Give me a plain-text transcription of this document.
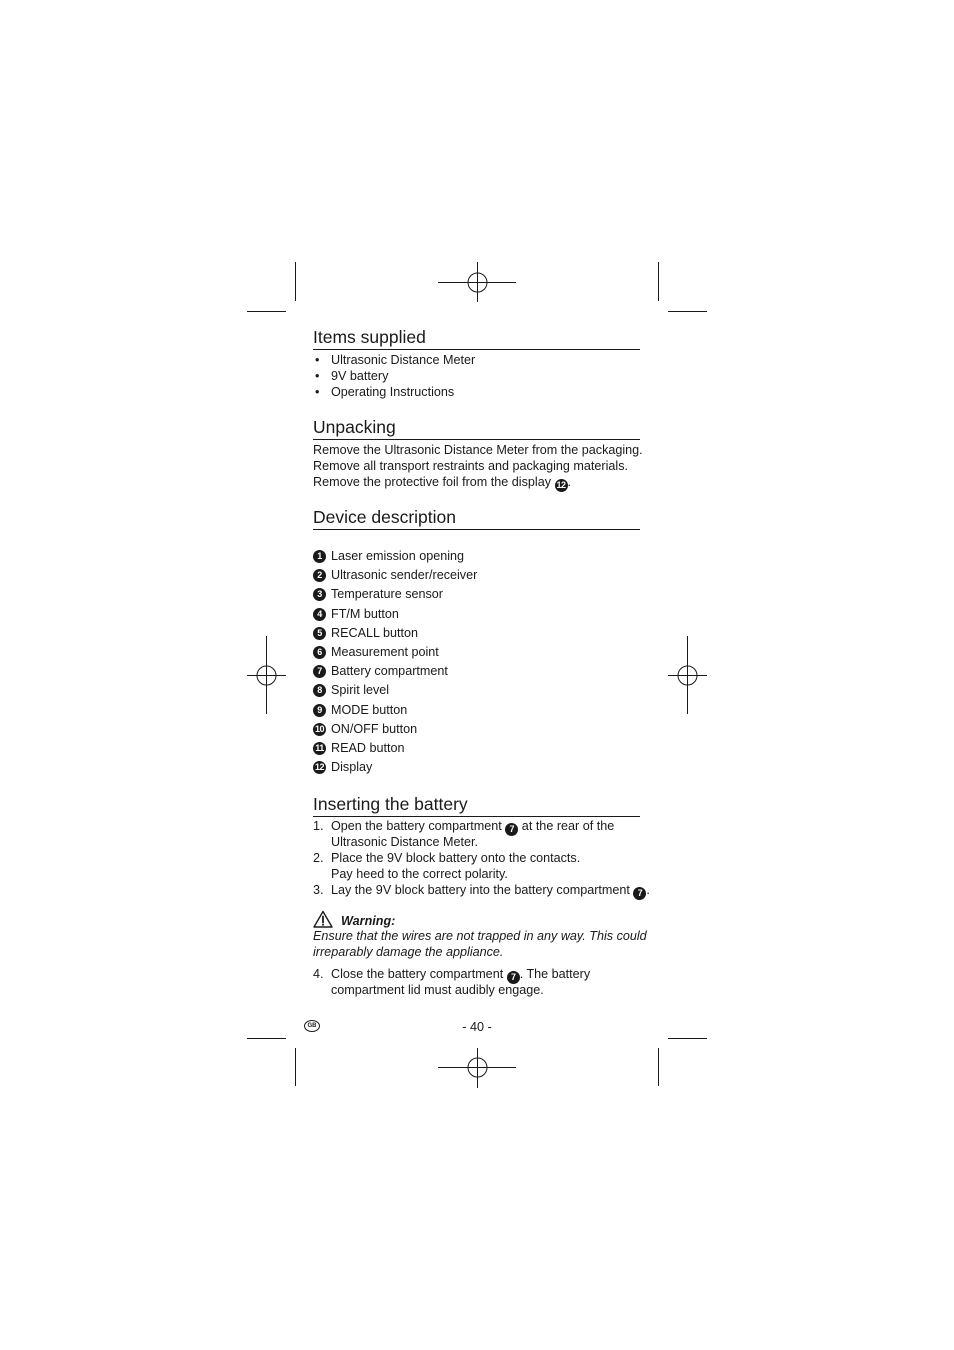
Items supplied
• Ultrasonic Distance Meter
• 9V battery
• Operating Instructions
Unpacking
Remove the Ultrasonic Distance Meter from the packaging.
Remove all transport restraints and packaging materials.
Remove the protective foil from the display 12 .
Device description
1 Laser emission opening
2 Ultrasonic sender/receiver
3 Temperature sensor
4 FT/M button
5 RECALL button
6 Measurement point
7 Battery compartment
8 Spirit level
9 MODE button
10 ON/OFF button
11 READ button
12 Display
Inserting the battery
1. Open the battery compartment 7 at the rear of the
Ultrasonic Distance Meter.
2. Place the 9V block battery onto the contacts.
Pay heed to the correct polarity.
3. Lay the 9V block battery into the battery compartment 7 .
Warning:
Ensure that the wires are not trapped in any way. This could
irreparably damage the appliance.
4. Close the battery compartment 7 . The battery
compartment lid must audibly engage.
GB	- 40 -
